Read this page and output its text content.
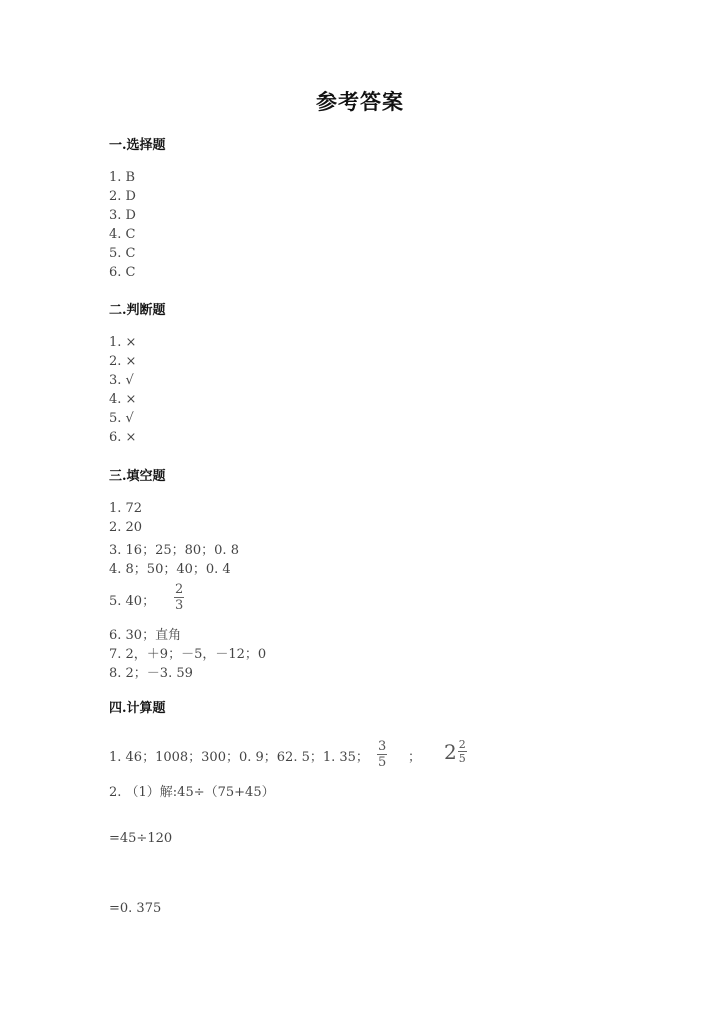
参考答案
一.选择题
1. B
2. D
3. D
4. C
5. C
6. C
二.判断题
1. ×
2. ×
3. √
4. ×
5. √
6. ×
三.填空题
1. 72
2. 20
3. 16；25；80；0. 8
4. 8；50；40；0. 4
5. 40；
2
3
6. 30；直角
7. 2，＋9；－5，－12；0
8. 2；－3. 59
四.计算题
1. 46；1008；300；0. 9；62. 5；1. 35；
3
5 ； $2 \frac{2}{5}$
2. （1）解:45÷（75+45）
=45÷120
=0. 375
